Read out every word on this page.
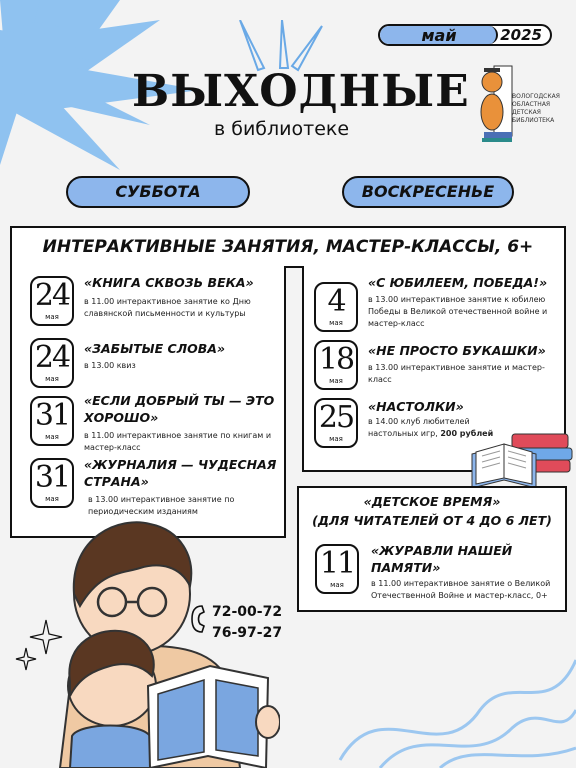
май	2025
ВЫХОДНЫЕ
в библиотеке
ВОЛОГОДСКАЯ
ОБЛАСТНАЯ
ДЕТСКАЯ
БИБЛИОТЕКА
СУББОТА	ВОСКРЕСЕНЬЕ
ИНТЕРАКТИВНЫЕ ЗАНЯТИЯ, МАСТЕР-КЛАССЫ, 6+
24
мая
«КНИГА СКВОЗЬ ВЕКА»
в 11.00 интерактивное занятие ко Дню славянской письменности и культуры
24
мая
«ЗАБЫТЫЕ СЛОВА»
в 13.00 квиз
31
мая
«ЕСЛИ ДОБРЫЙ ТЫ — ЭТО ХОРОШО»
в 11.00 интерактивное занятие по книгам и мастер-класс
31
мая
«ЖУРНАЛИЯ — ЧУДЕСНАЯ СТРАНА»
в 13.00 интерактивное занятие по периодическим изданиям
4
мая
«С ЮБИЛЕЕМ, ПОБЕДА!»
в 13.00 интерактивное занятие к юбилею Победы в Великой отечественной войне и мастер-класс
18
мая
«НЕ ПРОСТО БУКАШКИ»
в 13.00 интерактивное занятие и мастер-класс
25
мая
«НАСТОЛКИ»
в 14.00 клуб любителей настольных игр, 200 рублей
«ДЕТСКОЕ ВРЕМЯ»
(ДЛЯ ЧИТАТЕЛЕЙ ОТ 4 ДО 6 ЛЕТ)
11
мая
«ЖУРАВЛИ НАШЕЙ ПАМЯТИ»
в 11.00 интерактивное занятие о Великой Отечественной Войне и мастер-класс, 0+
72-00-72
76-97-27
